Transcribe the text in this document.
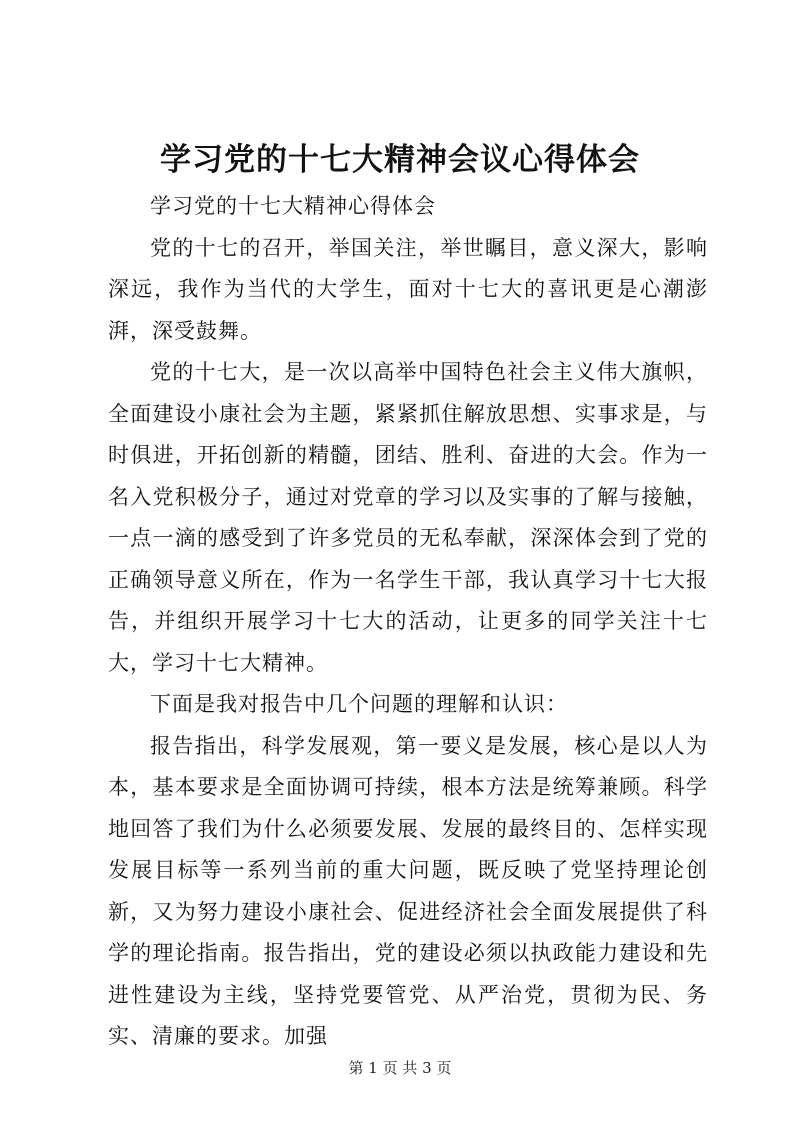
学习党的十七大精神会议心得体会

学习党的十七大精神心得体会

党的十七的召开，举国关注，举世瞩目，意义深大，影响深远，我作为当代的大学生，面对十七大的喜讯更是心潮澎湃，深受鼓舞。

党的十七大，是一次以高举中国特色社会主义伟大旗帜，全面建设小康社会为主题，紧紧抓住解放思想、实事求是，与时俱进，开拓创新的精髓，团结、胜利、奋进的大会。作为一名入党积极分子，通过对党章的学习以及实事的了解与接触，一点一滴的感受到了许多党员的无私奉献，深深体会到了党的正确领导意义所在，作为一名学生干部，我认真学习十七大报告，并组织开展学习十七大的活动，让更多的同学关注十七大，学习十七大精神。

下面是我对报告中几个问题的理解和认识：

报告指出，科学发展观，第一要义是发展，核心是以人为本，基本要求是全面协调可持续，根本方法是统筹兼顾。科学地回答了我们为什么必须要发展、发展的最终目的、怎样实现发展目标等一系列当前的重大问题，既反映了党坚持理论创新，又为努力建设小康社会、促进经济社会全面发展提供了科学的理论指南。报告指出，党的建设必须以执政能力建设和先进性建设为主线，坚持党要管党、从严治党，贯彻为民、务实、清廉的要求。加强

第 1 页 共 3 页
